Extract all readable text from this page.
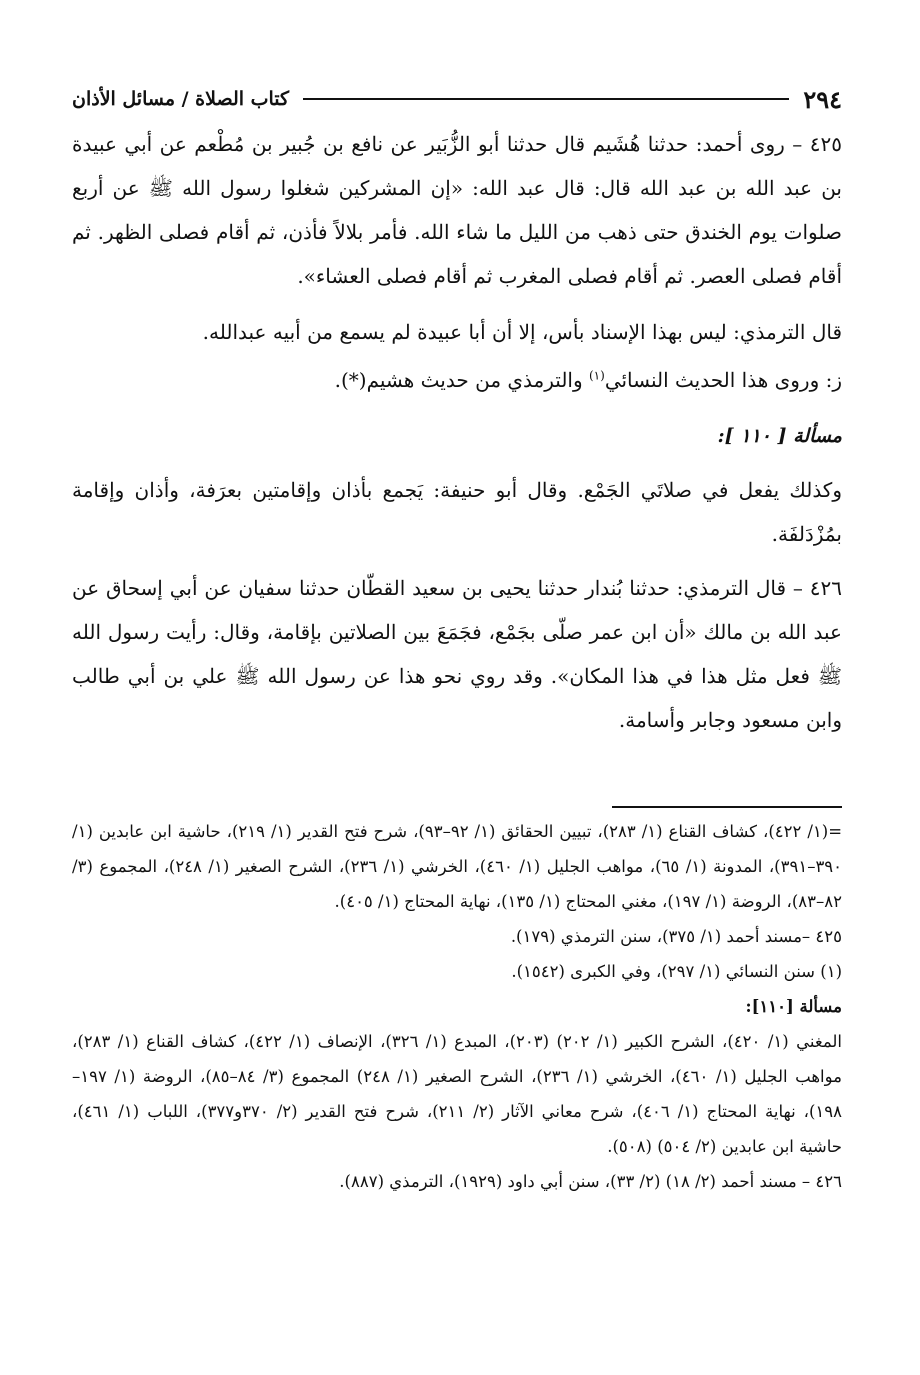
٢٩٤
كتاب الصلاة / مسائل الأذان

٤٢٥ – روى أحمد: حدثنا هُشَيم قال حدثنا أبو الزُّبَير عن نافع بن جُبير بن مُطْعم عن أبي عبيدة بن عبد الله بن عبد الله قال: قال عبد الله: «إن المشركين شغلوا رسول الله ﷺ عن أربع صلوات يوم الخندق حتى ذهب من الليل ما شاء الله. فأمر بلالاً فأذن، ثم أقام فصلى الظهر. ثم أقام فصلى العصر. ثم أقام فصلى المغرب ثم أقام فصلى العشاء».

قال الترمذي: ليس بهذا الإسناد بأس، إلا أن أبا عبيدة لم يسمع من أبيه عبدالله.

ز: وروى هذا الحديث النسائي$^{(١)}$ والترمذي من حديث هشيم(*).

مسألة [ ١١٠ ]:

وكذلك يفعل في صلاتَي الجَمْع. وقال أبو حنيفة: يَجمع بأذان وإقامتين بعرَفة، وأذان وإقامة بمُزْدَلفَة.

٤٢٦ – قال الترمذي: حدثنا بُندار حدثنا يحيى بن سعيد القطّان حدثنا سفيان عن أبي إسحاق عن عبد الله بن مالك «أن ابن عمر صلّى بجَمْع، فجَمَعَ بين الصلاتين بإقامة، وقال: رأيت رسول الله ﷺ فعل مثل هذا في هذا المكان». وقد روي نحو هذا عن رسول الله ﷺ علي بن أبي طالب وابن مسعود وجابر وأسامة.

=(١/ ٤٢٢)، كشاف القناع (١/ ٢٨٣)، تبيين الحقائق (١/ ٩٢–٩٣)، شرح فتح القدير (١/ ٢١٩)، حاشية ابن عابدين (١/ ٣٩٠–٣٩١)، المدونة (١/ ٦٥)، مواهب الجليل (١/ ٤٦٠)، الخرشي (١/ ٢٣٦)، الشرح الصغير (١/ ٢٤٨)، المجموع (٣/ ٨٢–٨٣)، الروضة (١/ ١٩٧)، مغني المحتاج (١/ ١٣٥)، نهاية المحتاج (١/ ٤٠٥).

٤٢٥ –مسند أحمد (١/ ٣٧٥)، سنن الترمذي (١٧٩).

(١) سنن النسائي (١/ ٢٩٧)، وفي الكبرى (١٥٤٢).

مسألة [١١٠]:

المغني (١/ ٤٢٠)، الشرح الكبير (١/ ٢٠٢) (٢٠٣)، المبدع (١/ ٣٢٦)، الإنصاف (١/ ٤٢٢)، كشاف القناع (١/ ٢٨٣)، مواهب الجليل (١/ ٤٦٠)، الخرشي (١/ ٢٣٦)، الشرح الصغير (١/ ٢٤٨) المجموع (٣/ ٨٤–٨٥)، الروضة (١/ ١٩٧–١٩٨)، نهاية المحتاج (١/ ٤٠٦)، شرح معاني الآثار (٢/ ٢١١)، شرح فتح القدير (٢/ ٣٧٠و٣٧٧)، اللباب (١/ ٤٦١)، حاشية ابن عابدين (٢/ ٥٠٤) (٥٠٨).

٤٢٦ – مسند أحمد (٢/ ١٨) (٢/ ٣٣)، سنن أبي داود (١٩٢٩)، الترمذي (٨٨٧).
